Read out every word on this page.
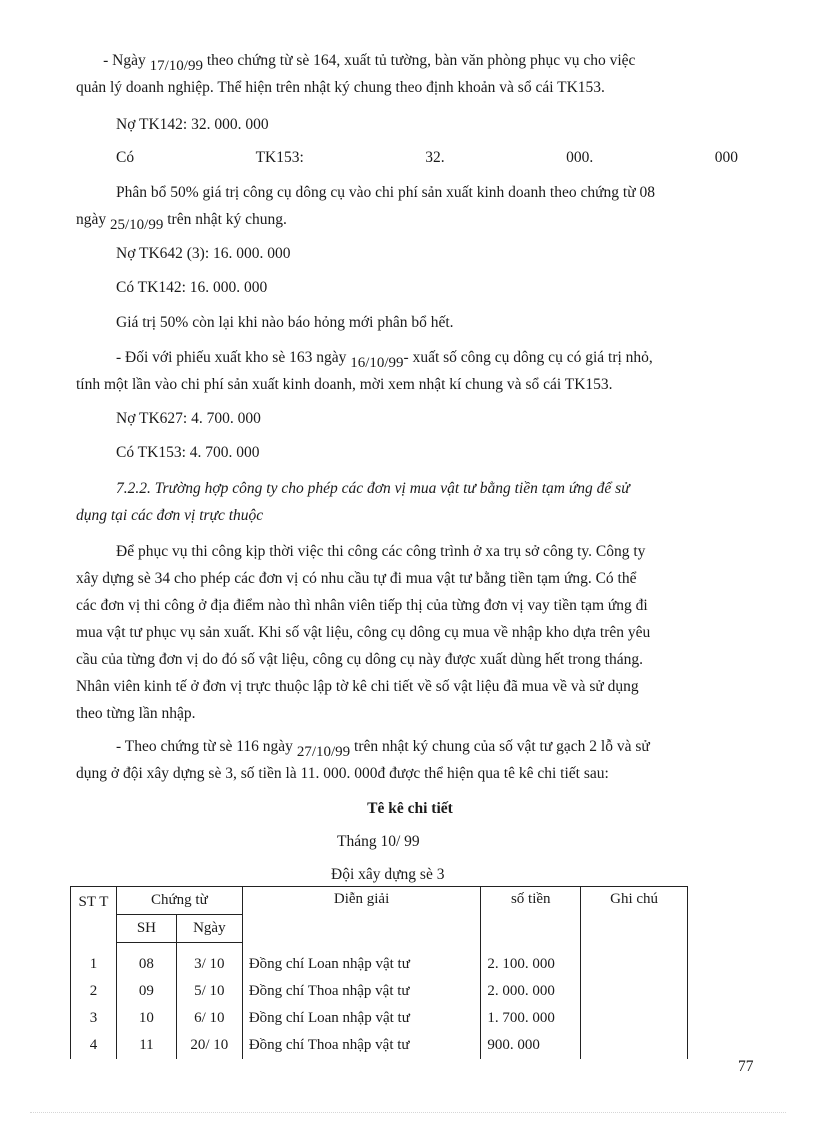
- Ngày 17/10/99 theo chứng từ sè 164, xuất tủ tường, bàn văn phòng phục vụ cho việc
quản lý doanh nghiệp. Thể hiện trên nhật ký chung theo định khoản và sổ cái TK153.
Nợ TK142: 32. 000. 000
Có	TK153:	32.	000.	000
Phân bổ 50% giá trị công cụ dông cụ vào chi phí sản xuất kinh doanh theo chứng từ 08
ngày 25/10/99 trên nhật ký chung.
Nợ TK642 (3): 16. 000. 000
Có TK142: 16. 000. 000
Giá trị 50% còn lại khi nào báo hỏng mới phân bổ hết.
- Đối với phiếu xuất kho sè 163 ngày 16/10/99- xuất số công cụ dông cụ có giá trị nhỏ,
tính một lần vào chi phí sản xuất kinh doanh, mời xem nhật kí chung và sổ cái TK153.
Nợ TK627: 4. 700. 000
Có TK153: 4. 700. 000
7.2.2. Trường hợp công ty cho phép các đơn vị mua vật tư bằng tiền tạm ứng để sử
dụng tại các đơn vị trực thuộc
Để phục vụ thi công kịp thời việc thi công các công trình ở xa trụ sở công ty. Công ty
xây dựng sè 34 cho phép các đơn vị có nhu cầu tự đi mua vật tư bằng tiền tạm ứng. Có thể
các đơn vị thi công ở địa điểm nào thì nhân viên tiếp thị của từng đơn vị vay tiền tạm ứng đi
mua vật tư phục vụ sản xuất. Khi số vật liệu, công cụ dông cụ mua về nhập kho dựa trên yêu
cầu của từng đơn vị do đó số vật liệu, công cụ dông cụ này được xuất dùng hết trong tháng.
Nhân viên kinh tế ở đơn vị trực thuộc lập tờ kê chi tiết về số vật liệu đã mua về và sử dụng
theo từng lần nhập.
- Theo chứng từ sè 116 ngày 27/10/99 trên nhật ký chung của số vật tư gạch 2 lỗ và sử
dụng ở đội xây dựng sè 3, số tiền là 11. 000. 000đ được thể hiện qua tê kê chi tiết sau:
Tê kê chi tiết
Tháng 10/ 99
Đội xây dựng sè 3
ST T	Chứng từ		Diễn giải	số tiền	Ghi chú
	SH	Ngày			

1	08	3/ 10	Đồng chí Loan nhập vật tư	2. 100. 000	
2	09	5/ 10	Đồng chí Thoa nhập vật tư	2. 000. 000	
3	10	6/ 10	Đồng chí Loan nhập vật tư	1. 700. 000	
4	11	20/ 10	Đồng chí Thoa nhập vật tư	900. 000	
77
